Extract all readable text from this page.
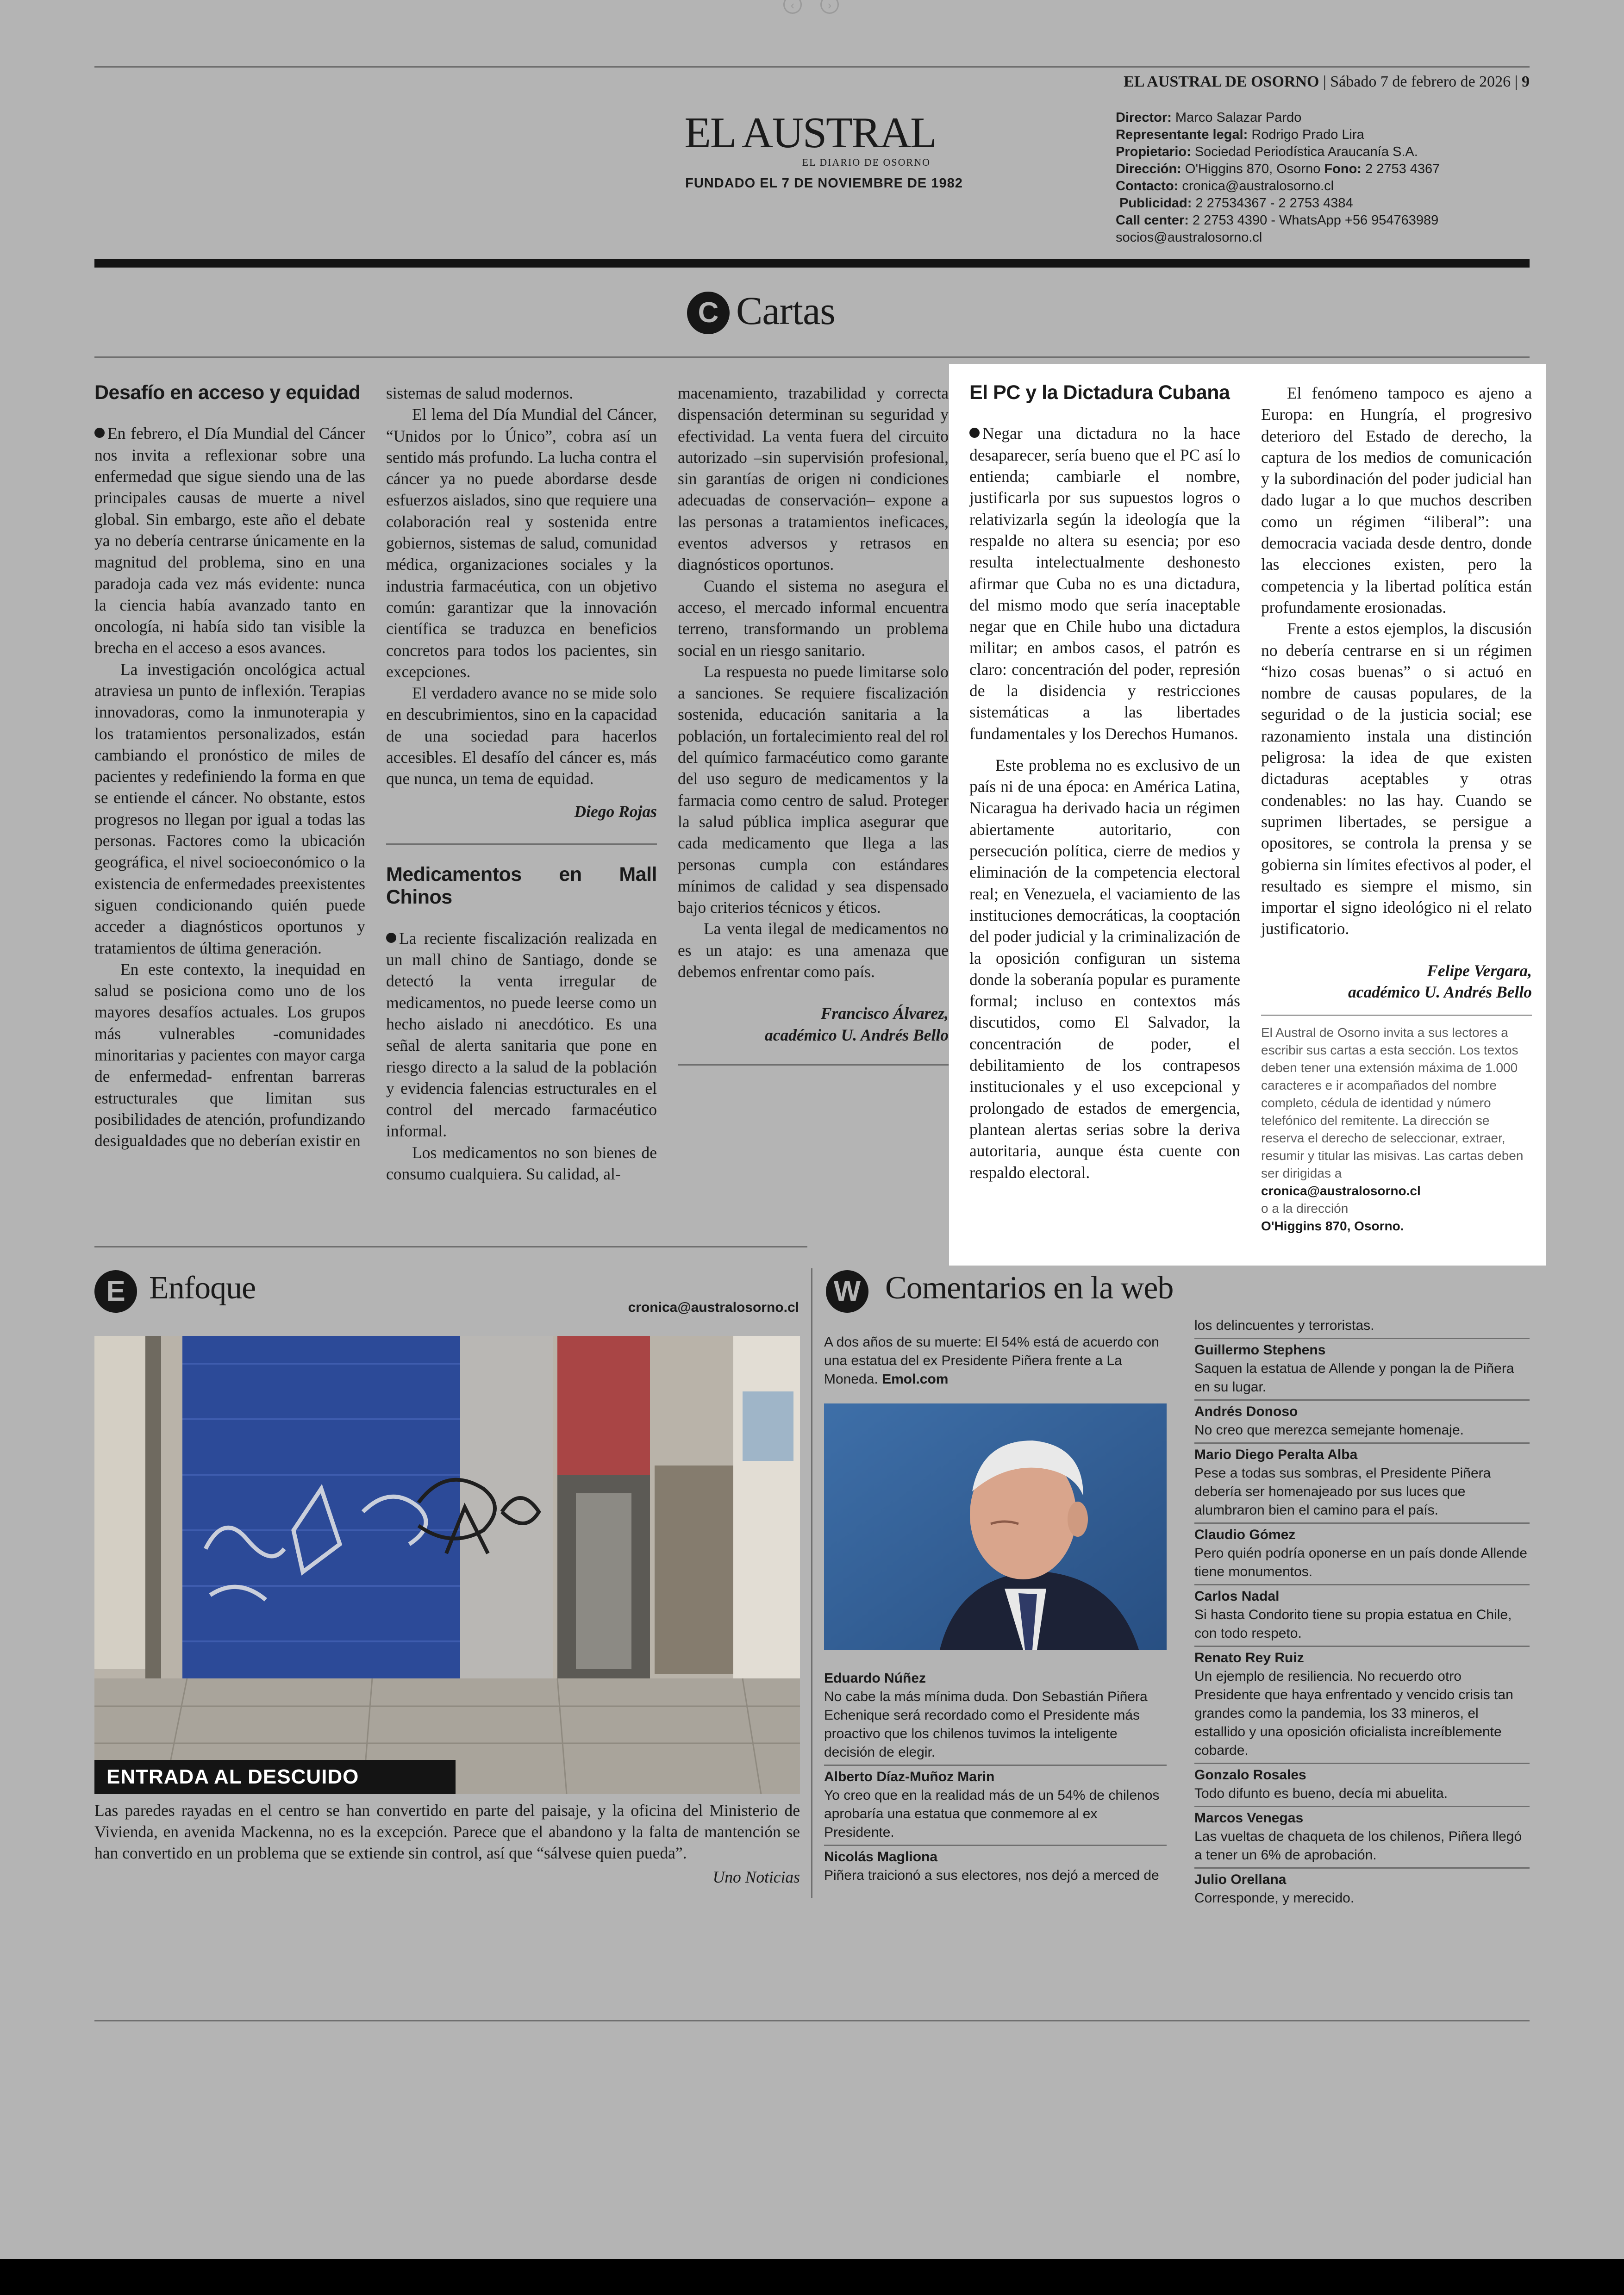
‹	›
EL AUSTRAL DE OSORNO | Sábado 7 de febrero de 2026 | 9
EL AUSTRAL
EL DIARIO DE OSORNO
FUNDADO EL 7 DE NOVIEMBRE DE 1982
Director: Marco Salazar Pardo
Representante legal: Rodrigo Prado Lira
Propietario: Sociedad Periodística Araucanía S.A.
Dirección: O'Higgins 870, Osorno Fono: 2 2753 4367
Contacto: cronica@australosorno.cl
Publicidad: 2 27534367 - 2 2753 4384
Call center: 2 2753 4390 - WhatsApp +56 954763989
socios@australosorno.cl
C Cartas
Desafío en acceso y equidad

En febrero, el Día Mundial del Cáncer nos invita a reflexionar sobre una enfermedad que sigue siendo una de las principales causas de muerte a nivel global. Sin embargo, este año el debate ya no debería centrarse únicamente en la magnitud del problema, sino en una paradoja cada vez más evidente: nunca la ciencia había avanzado tanto en oncología, ni había sido tan visible la brecha en el acceso a esos avances.

La investigación oncológica actual atraviesa un punto de inflexión. Terapias innovadoras, como la inmunoterapia y los tratamientos personalizados, están cambiando el pronóstico de miles de pacientes y redefiniendo la forma en que se entiende el cáncer. No obstante, estos progresos no llegan por igual a todas las personas. Factores como la ubicación geográfica, el nivel socioeconómico o la existencia de enfermedades preexistentes siguen condicionando quién puede acceder a diagnósticos oportunos y tratamientos de última generación.

En este contexto, la inequidad en salud se posiciona como uno de los mayores desafíos actuales. Los grupos más vulnerables -comunidades minoritarias y pacientes con mayor carga de enfermedad- enfrentan barreras estructurales que limitan sus posibilidades de atención, profundizando desigualdades que no deberían existir en

sistemas de salud modernos.

El lema del Día Mundial del Cáncer, “Unidos por lo Único”, cobra así un sentido más profundo. La lucha contra el cáncer ya no puede abordarse desde esfuerzos aislados, sino que requiere una colaboración real y sostenida entre gobiernos, sistemas de salud, comunidad médica, organizaciones sociales y la industria farmacéutica, con un objetivo común: garantizar que la innovación científica se traduzca en beneficios concretos para todos los pacientes, sin excepciones.

El verdadero avance no se mide solo en descubrimientos, sino en la capacidad de una sociedad para hacerlos accesibles. El desafío del cáncer es, más que nunca, un tema de equidad.

Diego Rojas
Medicamentos en Mall Chinos

La reciente fiscalización realizada en un mall chino de Santiago, donde se detectó la venta irregular de medicamentos, no puede leerse como un hecho aislado ni anecdótico. Es una señal de alerta sanitaria que pone en riesgo directo a la salud de la población y evidencia falencias estructurales en el control del mercado farmacéutico informal.

Los medicamentos no son bienes de consumo cualquiera. Su calidad, al-

macenamiento, trazabilidad y correcta dispensación determinan su seguridad y efectividad. La venta fuera del circuito autorizado –sin supervisión profesional, sin garantías de origen ni condiciones adecuadas de conservación– expone a las personas a tratamientos ineficaces, eventos adversos y retrasos en diagnósticos oportunos.

Cuando el sistema no asegura el acceso, el mercado informal encuentra terreno, transformando un problema social en un riesgo sanitario.

La respuesta no puede limitarse solo a sanciones. Se requiere fiscalización sostenida, educación sanitaria a la población, un fortalecimiento real del rol del químico farmacéutico como garante del uso seguro de medicamentos y la farmacia como centro de salud. Proteger la salud pública implica asegurar que cada medicamento que llega a las personas cumpla con estándares mínimos de calidad y sea dispensado bajo criterios técnicos y éticos.

La venta ilegal de medicamentos no es un atajo: es una amenaza que debemos enfrentar como país.

Francisco Álvarez,
académico U. Andrés Bello
El PC y la Dictadura Cubana

Negar una dictadura no la hace desaparecer, sería bueno que el PC así lo entienda; cambiarle el nombre, justificarla por sus supuestos logros o relativizarla según la ideología que la respalde no altera su esencia; por eso resulta intelectualmente deshonesto afirmar que Cuba no es una dictadura, del mismo modo que sería inaceptable negar que en Chile hubo una dictadura militar; en ambos casos, el patrón es claro: concentración del poder, represión de la disidencia y restricciones sistemáticas a las libertades fundamentales y los Derechos Humanos.

Este problema no es exclusivo de un país ni de una época: en América Latina, Nicaragua ha derivado hacia un régimen abiertamente autoritario, con persecución política, cierre de medios y eliminación de la competencia electoral real; en Venezuela, el vaciamiento de las instituciones democráticas, la cooptación del poder judicial y la criminalización de la oposición configuran un sistema donde la soberanía popular es puramente formal; incluso en contextos más discutidos, como El Salvador, la concentración de poder, el debilitamiento de los contrapesos institucionales y el uso excepcional y prolongado de estados de emergencia, plantean alertas serias sobre la deriva autoritaria, aunque ésta cuente con respaldo electoral.

El fenómeno tampoco es ajeno a Europa: en Hungría, el progresivo deterioro del Estado de derecho, la captura de los medios de comunicación y la subordinación del poder judicial han dado lugar a lo que muchos describen como un régimen “iliberal”: una democracia vaciada desde dentro, donde las elecciones existen, pero la competencia y la libertad política están profundamente erosionadas.

Frente a estos ejemplos, la discusión no debería centrarse en si un régimen “hizo cosas buenas” o si actuó en nombre de causas populares, de la seguridad o de la justicia social; ese razonamiento instala una distinción peligrosa: la idea de que existen dictaduras aceptables y otras condenables: no las hay. Cuando se suprimen libertades, se persigue a opositores, se controla la prensa y se gobierna sin límites efectivos al poder, el resultado es siempre el mismo, sin importar el signo ideológico ni el relato justificatorio.

Felipe Vergara,
académico U. Andrés Bello
El Austral de Osorno invita a sus lectores a escribir sus cartas a esta sección. Los textos deben tener una extensión máxima de 1.000 caracteres e ir acompañados del nombre completo, cédula de identidad y número telefónico del remitente. La dirección se reserva el derecho de seleccionar, extraer, resumir y titular las misivas. Las cartas deben ser dirigidas a
cronica@australosorno.cl
o a la dirección
O'Higgins 870, Osorno.
E Enfoque
cronica@australosorno.cl
ENTRADA AL DESCUIDO
Las paredes rayadas en el centro se han convertido en parte del paisaje, y la oficina del Ministerio de Vivienda, en avenida Mackenna, no es la excepción. Parece que el abandono y la falta de mantención se han convertido en un problema que se extiende sin control, así que “sálvese quien pueda”.
Uno Noticias
W Comentarios en la web
A dos años de su muerte: El 54% está de acuerdo con una estatua del ex Presidente Piñera frente a La Moneda. Emol.com
Eduardo Núñez
No cabe la más mínima duda. Don Sebastián Piñera Echenique será recordado como el Presidente más proactivo que los chilenos tuvimos la inteligente decisión de elegir.
Alberto Díaz-Muñoz Marin
Yo creo que en la realidad más de un 54% de chilenos aprobaría una estatua que conmemore al ex Presidente.
Nicolás Magliona
Piñera traicionó a sus electores, nos dejó a merced de
los delincuentes y terroristas.
Guillermo Stephens
Saquen la estatua de Allende y pongan la de Piñera en su lugar.
Andrés Donoso
No creo que merezca semejante homenaje.
Mario Diego Peralta Alba
Pese a todas sus sombras, el Presidente Piñera debería ser homenajeado por sus luces que alumbraron bien el camino para el país.
Claudio Gómez
Pero quién podría oponerse en un país donde Allende tiene monumentos.
Carlos Nadal
Si hasta Condorito tiene su propia estatua en Chile, con todo respeto.
Renato Rey Ruiz
Un ejemplo de resiliencia. No recuerdo otro Presidente que haya enfrentado y vencido crisis tan grandes como la pandemia, los 33 mineros, el estallido y una oposición oficialista increíblemente cobarde.
Gonzalo Rosales
Todo difunto es bueno, decía mi abuelita.
Marcos Venegas
Las vueltas de chaqueta de los chilenos, Piñera llegó a tener un 6% de aprobación.
Julio Orellana
Corresponde, y merecido.
